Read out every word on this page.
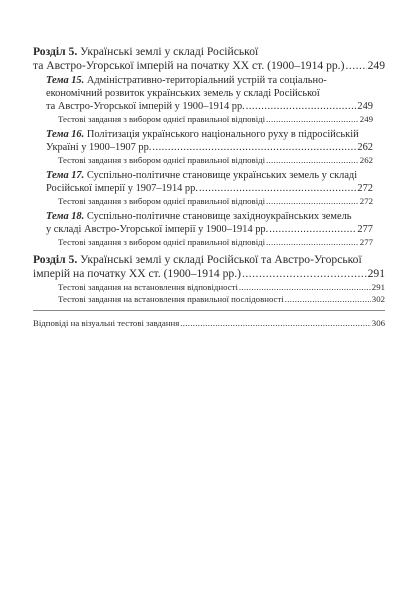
Розділ 5. Українські землі у складі Російської
та Австро-Угорської імперій на початку XX ст. (1900–1914 рр.) ..... 249
Тема 15. Адміністративно-територіальний устрій та соціально-
економічний розвиток українських земель у складі Російської
та Австро-Угорської імперій у 1900–1914 рр. .....	249
Тестові завдання з вибором однієї правильної відповіді .....	249
Тема 16. Політизація українського національного руху в підросійській
Україні у 1900–1907 рр. .....	262
Тестові завдання з вибором однієї правильної відповіді .....	262
Тема 17. Суспільно-політичне становище українських земель у складі
Російської імперії у 1907–1914 рр. .....	272
Тестові завдання з вибором однієї правильної відповіді .....	272
Тема 18. Суспільно-політичне становище західноукраїнських земель
у складі Австро-Угорської імперії у 1900–1914 рр. .....	277
Тестові завдання з вибором однієї правильної відповіді .....	277
Розділ 5. Українські землі у складі Російської та Австро-Угорської
імперій на початку XX ст. (1900–1914 рр.) .....	291
Тестові завдання на встановлення відповідності .....	291
Тестові завдання на встановлення правильної послідовності .....	302
Відповіді на візуальні тестові завдання .....	306
